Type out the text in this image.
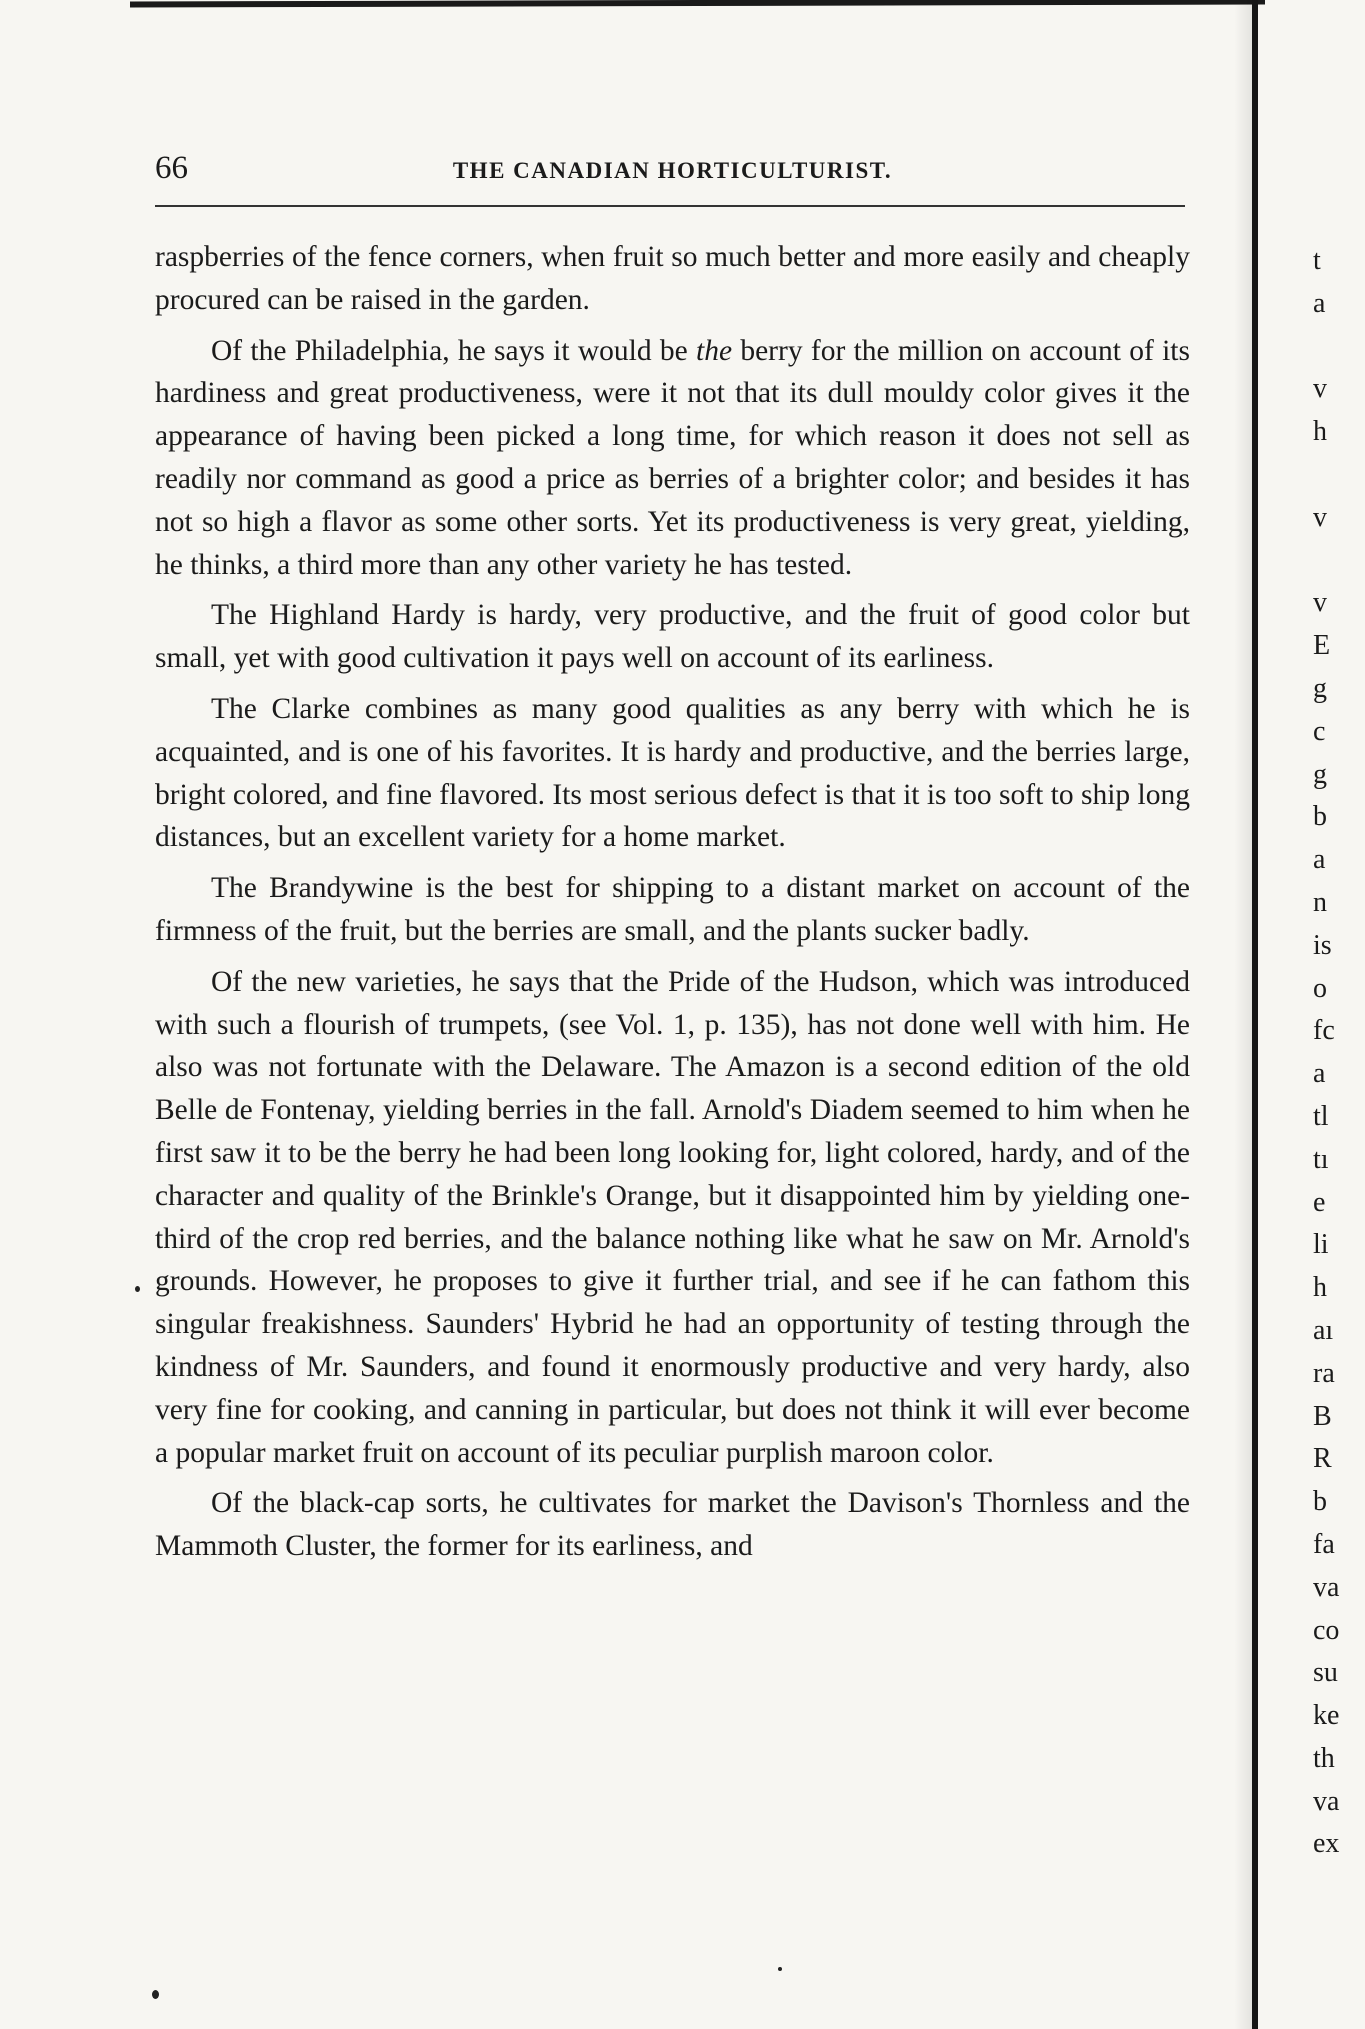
66	THE CANADIAN HORTICULTURIST.

raspberries of the fence corners, when fruit so much better and more easily and cheaply procured can be raised in the garden.

Of the Philadelphia, he says it would be the berry for the million on account of its hardiness and great productiveness, were it not that its dull mouldy color gives it the appearance of having been picked a long time, for which reason it does not sell as readily nor command as good a price as berries of a brighter color; and besides it has not so high a flavor as some other sorts. Yet its productiveness is very great, yielding, he thinks, a third more than any other variety he has tested.

The Highland Hardy is hardy, very productive, and the fruit of good color but small, yet with good cultivation it pays well on account of its earliness.

The Clarke combines as many good qualities as any berry with which he is acquainted, and is one of his favorites. It is hardy and productive, and the berries large, bright colored, and fine flavored. Its most serious defect is that it is too soft to ship long distances, but an excellent variety for a home market.

The Brandywine is the best for shipping to a distant market on account of the firmness of the fruit, but the berries are small, and the plants sucker badly.

Of the new varieties, he says that the Pride of the Hudson, which was introduced with such a flourish of trumpets, (see Vol. 1, p. 135), has not done well with him. He also was not fortunate with the Delaware. The Amazon is a second edition of the old Belle de Fontenay, yielding berries in the fall. Arnold's Diadem seemed to him when he first saw it to be the berry he had been long looking for, light colored, hardy, and of the character and quality of the Brinkle's Orange, but it disappointed him by yielding one-third of the crop red berries, and the balance nothing like what he saw on Mr. Arnold's grounds. However, he proposes to give it further trial, and see if he can fathom this singular freakishness. Saunders' Hybrid he had an opportunity of testing through the kindness of Mr. Saunders, and found it enormously productive and very hardy, also very fine for cooking, and canning in particular, but does not think it will ever become a popular market fruit on account of its peculiar purplish maroon color.

Of the black-cap sorts, he cultivates for market the Davison's Thornless and the Mammoth Cluster, the former for its earliness, and

t
a
v
h
v
v
E
g
c
g
b
a
n
is
o
fc
a
tl
tı
e
li
h
aı
ra
B
R
b
fa
va
co
su
ke
th
va
ex
